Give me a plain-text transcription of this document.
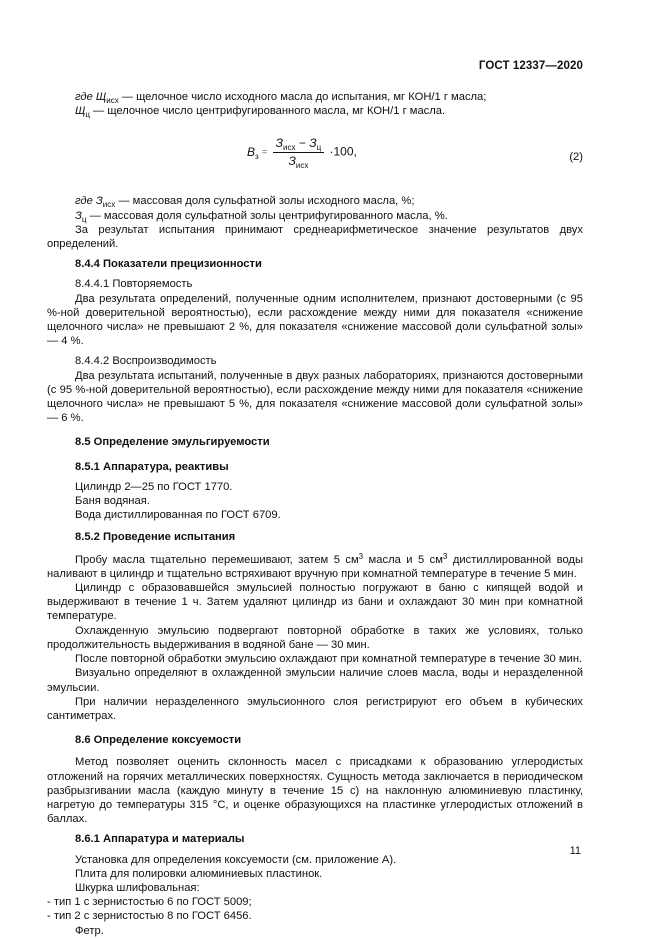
ГОСТ 12337—2020

где $Щ_{исх}$ — щелочное число исходного масла до испытания, мг КОН/1 г масла;

$Щ_ц$ — щелочное число центрифугированного масла, мг КОН/1 г масла.

$В_з = \frac{З_{исх} - З_ц}{З_{исх}} \cdot 100$,	(2)

где $З_{исх}$ — массовая доля сульфатной золы исходного масла, %;

$З_ц$ — массовая доля сульфатной золы центрифугированного масла, %.

За результат испытания принимают среднеарифметическое значение результатов двух определений.

8.4.4 Показатели прецизионности

8.4.4.1 Повторяемость

Два результата определений, полученные одним исполнителем, признают достоверными (с 95 %-ной доверительной вероятностью), если расхождение между ними для показателя «снижение щелочного числа» не превышают 2 %, для показателя «снижение массовой доли сульфатной золы» — 4 %.

8.4.4.2 Воспроизводимость

Два результата испытаний, полученные в двух разных лабораториях, признаются достоверными (с 95 %-ной доверительной вероятностью), если расхождение между ними для показателя «снижение щелочного числа» не превышают 5 %, для показателя «снижение массовой доли сульфатной золы» — 6 %.

8.5 Определение эмульгируемости

8.5.1 Аппаратура, реактивы

Цилиндр 2—25 по ГОСТ 1770.

Баня водяная.

Вода дистиллированная по ГОСТ 6709.

8.5.2 Проведение испытания

Пробу масла тщательно перемешивают, затем 5 $см^3$ масла и 5 $см^3$ дистиллированной воды наливают в цилиндр и тщательно встряхивают вручную при комнатной температуре в течение 5 мин.

Цилиндр с образовавшейся эмульсией полностью погружают в баню с кипящей водой и выдерживают в течение 1 ч. Затем удаляют цилиндр из бани и охлаждают 30 мин при комнатной температуре.

Охлажденную эмульсию подвергают повторной обработке в таких же условиях, только продолжительность выдерживания в водяной бане — 30 мин.

После повторной обработки эмульсию охлаждают при комнатной температуре в течение 30 мин.

Визуально определяют в охлажденной эмульсии наличие слоев масла, воды и неразделенной эмульсии.

При наличии неразделенного эмульсионного слоя регистрируют его объем в кубических сантиметрах.

8.6 Определение коксуемости

Метод позволяет оценить склонность масел с присадками к образованию углеродистых отложений на горячих металлических поверхностях. Сущность метода заключается в периодическом разбрызгивании масла (каждую минуту в течение 15 с) на наклонную алюминиевую пластинку, нагретую до температуры 315 °С, и оценке образующихся на пластинке углеродистых отложений в баллах.

8.6.1 Аппаратура и материалы

Установка для определения коксуемости (см. приложение А).

Плита для полировки алюминиевых пластинок.

Шкурка шлифовальная:

- тип 1 с зернистостью 6 по ГОСТ 5009;

- тип 2 с зернистостью 8 по ГОСТ 6456.

Фетр.

11
